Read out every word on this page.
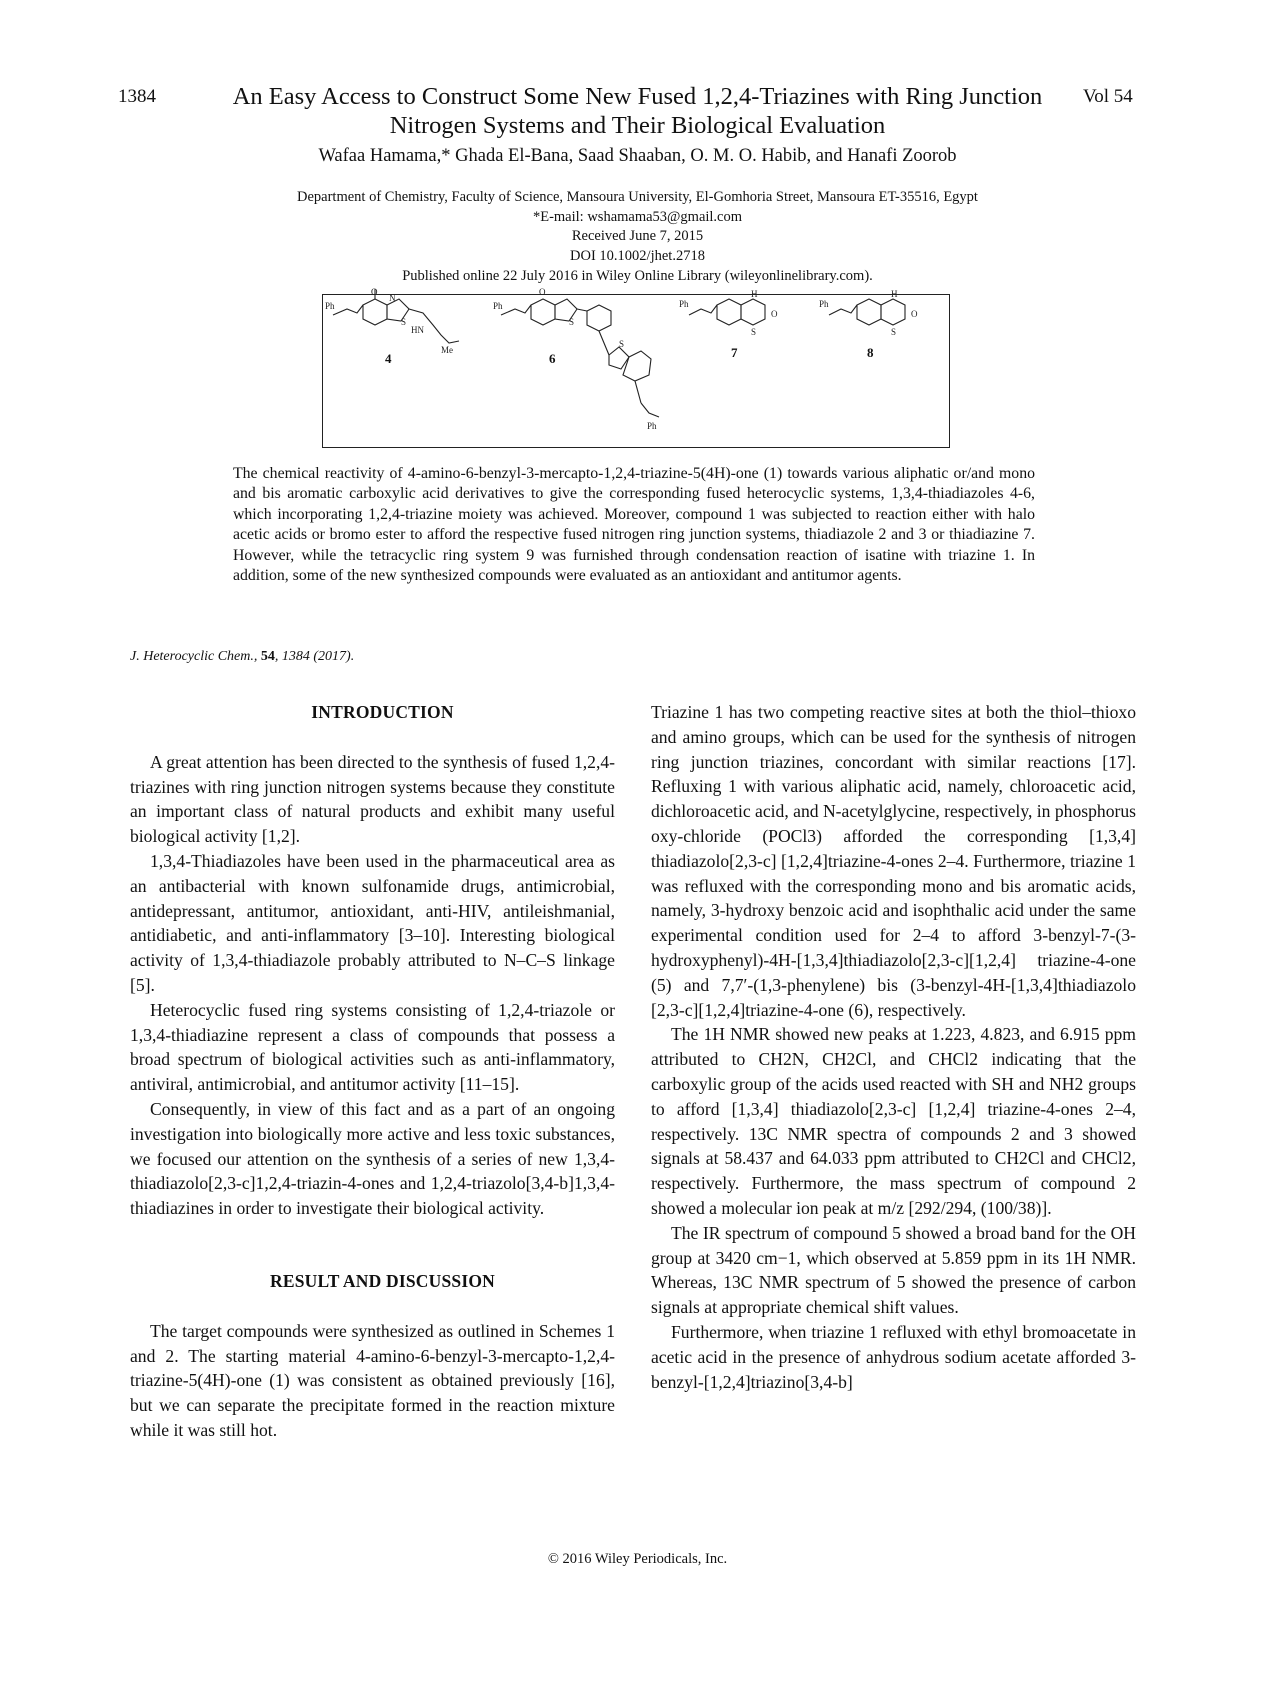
1384	Vol 54
An Easy Access to Construct Some New Fused 1,2,4-Triazines with Ring Junction Nitrogen Systems and Their Biological Evaluation
Wafaa Hamama,* Ghada El-Bana, Saad Shaaban, O. M. O. Habib, and Hanafi Zoorob
Department of Chemistry, Faculty of Science, Mansoura University, El-Gomhoria Street, Mansoura ET-35516, Egypt
*E-mail: wshamama53@gmail.com
Received June 7, 2015
DOI 10.1002/jhet.2718
Published online 22 July 2016 in Wiley Online Library (wileyonlinelibrary.com).
Ph	Ph	Ph	Ph
Ph
Me
HN
O	O
O	O
S	S
S
S	S
N	H	H
4	6	7	8
The chemical reactivity of 4-amino-6-benzyl-3-mercapto-1,2,4-triazine-5(4H)-one (1) towards various aliphatic or/and mono and bis aromatic carboxylic acid derivatives to give the corresponding fused heterocyclic systems, 1,3,4-thiadiazoles 4-6, which incorporating 1,2,4-triazine moiety was achieved. Moreover, compound 1 was subjected to reaction either with halo acetic acids or bromo ester to afford the respective fused nitrogen ring junction systems, thiadiazole 2 and 3 or thiadiazine 7. However, while the tetracyclic ring system 9 was furnished through condensation reaction of isatine with triazine 1. In addition, some of the new synthesized compounds were evaluated as an antioxidant and antitumor agents.
J. Heterocyclic Chem., 54, 1384 (2017).

INTRODUCTION

A great attention has been directed to the synthesis of fused 1,2,4-triazines with ring junction nitrogen systems because they constitute an important class of natural products and exhibit many useful biological activity [1,2].

1,3,4-Thiadiazoles have been used in the pharmaceutical area as an antibacterial with known sulfonamide drugs, antimicrobial, antidepressant, antitumor, antioxidant, anti-HIV, antileishmanial, antidiabetic, and anti-inflammatory [3–10]. Interesting biological activity of 1,3,4-thiadiazole probably attributed to N–C–S linkage [5].

Heterocyclic fused ring systems consisting of 1,2,4-triazole or 1,3,4-thiadiazine represent a class of compounds that possess a broad spectrum of biological activities such as anti-inflammatory, antiviral, antimicrobial, and antitumor activity [11–15].

Consequently, in view of this fact and as a part of an ongoing investigation into biologically more active and less toxic substances, we focused our attention on the synthesis of a series of new 1,3,4-thiadiazolo[2,3-c]1,2,4-triazin-4-ones and 1,2,4-triazolo[3,4-b]1,3,4-thiadiazines in order to investigate their biological activity.

RESULT AND DISCUSSION

The target compounds were synthesized as outlined in Schemes 1 and 2. The starting material 4-amino-6-benzyl-3-mercapto-1,2,4-triazine-5(4H)-one (1) was consistent as obtained previously [16], but we can separate the precipitate formed in the reaction mixture while it was still hot.

Triazine 1 has two competing reactive sites at both the thiol–thioxo and amino groups, which can be used for the synthesis of nitrogen ring junction triazines, concordant with similar reactions [17]. Refluxing 1 with various aliphatic acid, namely, chloroacetic acid, dichloroacetic acid, and N-acetylglycine, respectively, in phosphorus oxy-chloride (POCl3) afforded the corresponding [1,3,4] thiadiazolo[2,3-c] [1,2,4]triazine-4-ones 2–4. Furthermore, triazine 1 was refluxed with the corresponding mono and bis aromatic acids, namely, 3-hydroxy benzoic acid and isophthalic acid under the same experimental condition used for 2–4 to afford 3-benzyl-7-(3-hydroxyphenyl)-4H-[1,3,4]thiadiazolo[2,3-c][1,2,4] triazine-4-one (5) and 7,7′-(1,3-phenylene) bis (3-benzyl-4H-[1,3,4]thiadiazolo [2,3-c][1,2,4]triazine-4-one (6), respectively.

The 1H NMR showed new peaks at 1.223, 4.823, and 6.915 ppm attributed to CH2N, CH2Cl, and CHCl2 indicating that the carboxylic group of the acids used reacted with SH and NH2 groups to afford [1,3,4] thiadiazolo[2,3-c] [1,2,4] triazine-4-ones 2–4, respectively. 13C NMR spectra of compounds 2 and 3 showed signals at 58.437 and 64.033 ppm attributed to CH2Cl and CHCl2, respectively. Furthermore, the mass spectrum of compound 2 showed a molecular ion peak at m/z [292/294, (100/38)].

The IR spectrum of compound 5 showed a broad band for the OH group at 3420 cm−1, which observed at 5.859 ppm in its 1H NMR. Whereas, 13C NMR spectrum of 5 showed the presence of carbon signals at appropriate chemical shift values.

Furthermore, when triazine 1 refluxed with ethyl bromoacetate in acetic acid in the presence of anhydrous sodium acetate afforded 3-benzyl-[1,2,4]triazino[3,4-b]

© 2016 Wiley Periodicals, Inc.
